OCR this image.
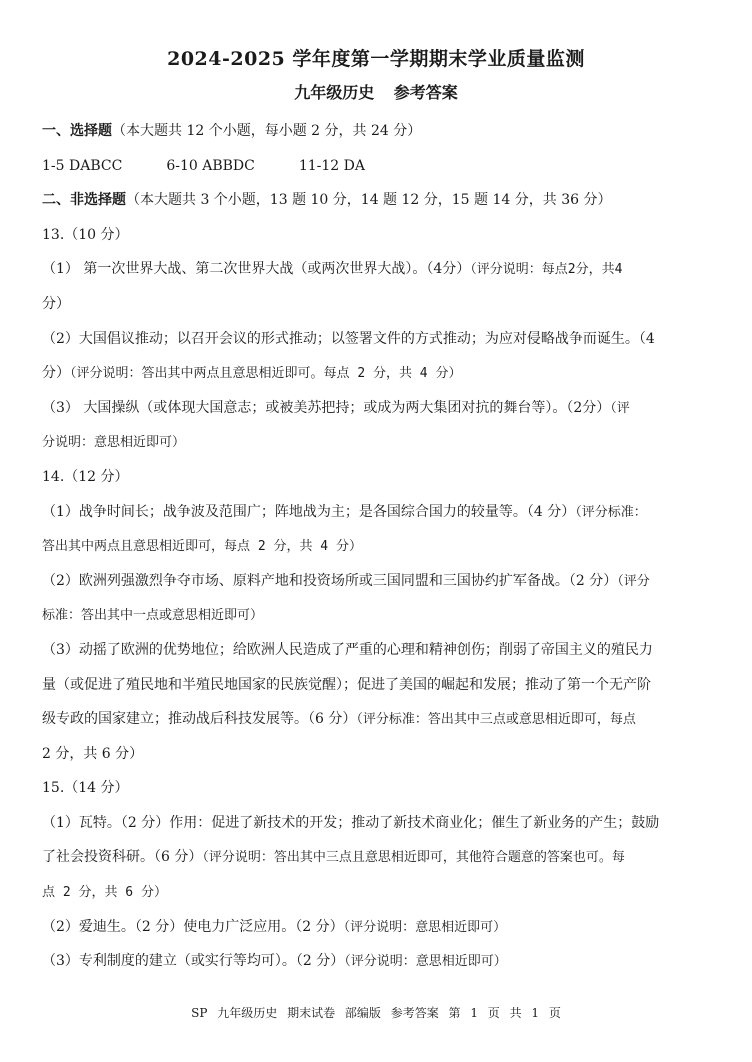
2024-2025 学年度第一学期期末学业质量监测
九年级历史 参考答案
一、选择题（本大题共 12 个小题，每小题 2 分，共 24 分）
1-5 DABCC	6-10 ABBDC	11-12 DA
二、非选择题（本大题共 3 个小题，13 题 10 分，14 题 12 分，15 题 14 分，共 36 分）
13.（10 分）
（1） 第一次世界大战、第二次世界大战（或两次世界大战）。（4分）（评分说明：每点2分，共4
分）
（2）大国倡议推动；以召开会议的形式推动；以签署文件的方式推动；为应对侵略战争而诞生。（4
分）（评分说明：答出其中两点且意思相近即可。每点 2 分，共 4 分）
（3） 大国操纵（或体现大国意志；或被美苏把持；或成为两大集团对抗的舞台等）。（2分）（评
分说明：意思相近即可）
14.（12 分）
（1）战争时间长；战争波及范围广；阵地战为主；是各国综合国力的较量等。（4 分）（评分标准：
答出其中两点且意思相近即可，每点 2 分，共 4 分）
（2）欧洲列强激烈争夺市场、原料产地和投资场所或三国同盟和三国协约扩军备战。（2 分）（评分
标准：答出其中一点或意思相近即可）
（3）动摇了欧洲的优势地位；给欧洲人民造成了严重的心理和精神创伤；削弱了帝国主义的殖民力
量（或促进了殖民地和半殖民地国家的民族觉醒）；促进了美国的崛起和发展；推动了第一个无产阶
级专政的国家建立；推动战后科技发展等。（6 分）（评分标准：答出其中三点或意思相近即可，每点
2 分，共 6 分）
15.（14 分）
（1）瓦特。（2 分）作用：促进了新技术的开发；推动了新技术商业化；催生了新业务的产生；鼓励
了社会投资科研。（6 分）（评分说明：答出其中三点且意思相近即可，其他符合题意的答案也可。每
点 2 分，共 6 分）
（2）爱迪生。（2 分）使电力广泛应用。（2 分）（评分说明：意思相近即可）
（3）专利制度的建立（或实行等均可）。（2 分）（评分说明：意思相近即可）
SP 九年级历史 期末试卷 部编版 参考答案 第 1 页 共 1 页
